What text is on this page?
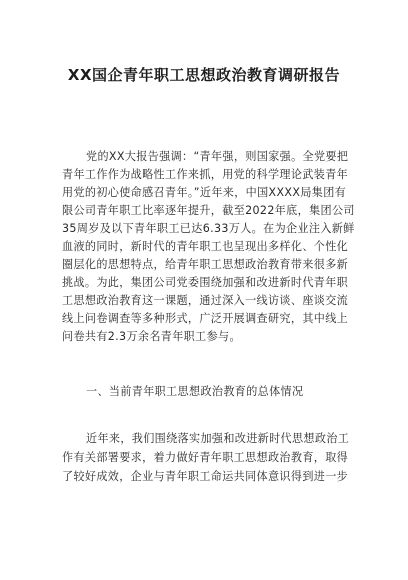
XX国企青年职工思想政治教育调研报告
党的XX大报告强调：“青年强，则国家强。全党要把
青年工作作为战略性工作来抓，用党的科学理论武装青年
用党的初心使命感召青年。”近年来，中国XXXX局集团有
限公司青年职工比率逐年提升，截至2022年底，集团公司
35周岁及以下青年职工已达6.33万人。在为企业注入新鲜
血液的同时，新时代的青年职工也呈现出多样化、个性化
圈层化的思想特点，给青年职工思想政治教育带来很多新
挑战。为此，集团公司党委围绕加强和改进新时代青年职
工思想政治教育这一课题，通过深入一线访谈、座谈交流
线上问卷调查等多种形式，广泛开展调查研究，其中线上
问卷共有2.3万余名青年职工参与。
一、当前青年职工思想政治教育的总体情况
近年来，我们围绕落实加强和改进新时代思想政治工
作有关部署要求，着力做好青年职工思想政治教育，取得
了较好成效，企业与青年职工命运共同体意识得到进一步
